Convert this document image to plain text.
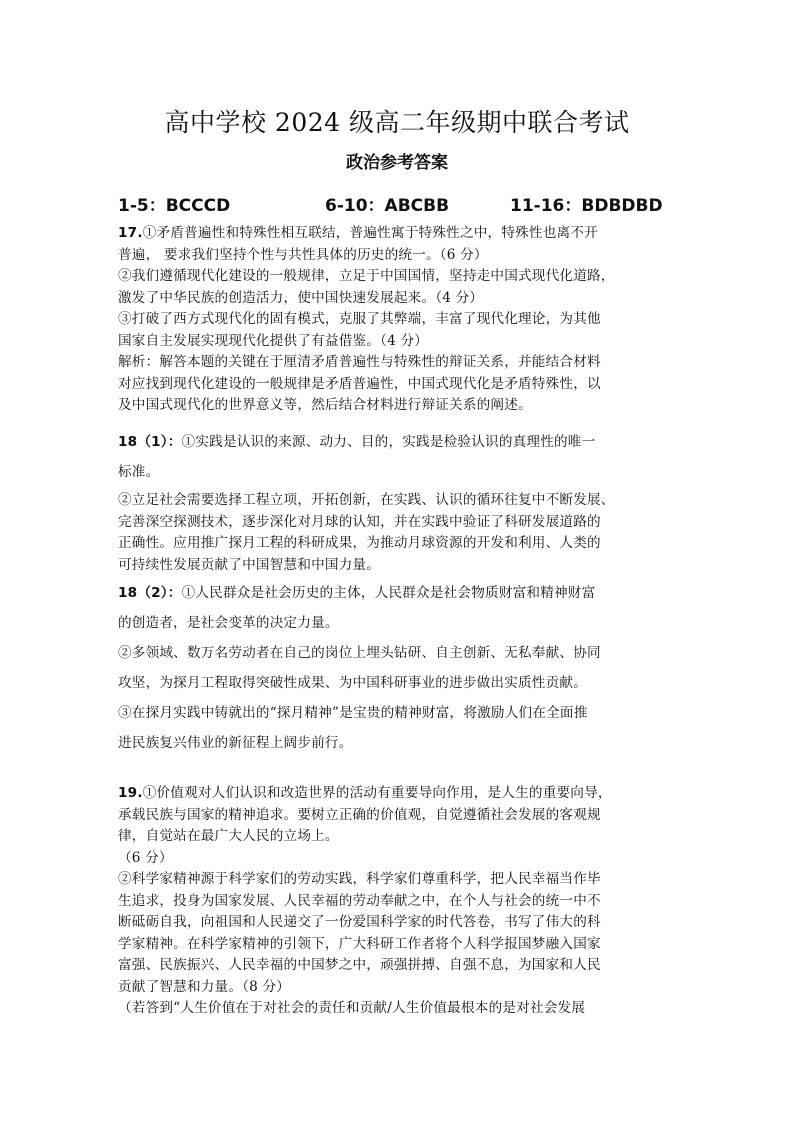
高中学校 2024 级高二年级期中联合考试
政治参考答案
1-5：BCCCD	6-10：ABCBB	11-16：BDBDBD
17.①矛盾普遍性和特殊性相互联结，普遍性寓于特殊性之中，特殊性也离不开
普遍， 要求我们坚持个性与共性具体的历史的统一。（6 分）
②我们遵循现代化建设的一般规律，立足于中国国情，坚持走中国式现代化道路，
激发了中华民族的创造活力，使中国快速发展起来。（4 分）
③打破了西方式现代化的固有模式，克服了其弊端，丰富了现代化理论，为其他
国家自主发展实现现代化提供了有益借鉴。（4 分）
解析：解答本题的关键在于厘清矛盾普遍性与特殊性的辩证关系，并能结合材料
对应找到现代化建设的一般规律是矛盾普遍性，中国式现代化是矛盾特殊性，以
及中国式现代化的世界意义等，然后结合材料进行辩证关系的阐述。
18（1）：①实践是认识的来源、动力、目的，实践是检验认识的真理性的唯一
标准。
②立足社会需要选择工程立项，开拓创新，在实践、认识的循环往复中不断发展、
完善深空探测技术，逐步深化对月球的认知，并在实践中验证了科研发展道路的
正确性。应用推广探月工程的科研成果，为推动月球资源的开发和利用、人类的
可持续性发展贡献了中国智慧和中国力量。
18（2）：①人民群众是社会历史的主体，人民群众是社会物质财富和精神财富
的创造者，是社会变革的决定力量。
②多领域、数万名劳动者在自己的岗位上埋头钻研、自主创新、无私奉献、协同
攻坚，为探月工程取得突破性成果、为中国科研事业的进步做出实质性贡献。
③在探月实践中铸就出的“探月精神”是宝贵的精神财富，将激励人们在全面推
进民族复兴伟业的新征程上阔步前行。
19.①价值观对人们认识和改造世界的活动有重要导向作用，是人生的重要向导，
承载民族与国家的精神追求。要树立正确的价值观，自觉遵循社会发展的客观规
律，自觉站在最广大人民的立场上。
（6 分）
②科学家精神源于科学家们的劳动实践，科学家们尊重科学，把人民幸福当作毕
生追求，投身为国家发展、人民幸福的劳动奉献之中，在个人与社会的统一中不
断砥砺自我，向祖国和人民递交了一份爱国科学家的时代答卷，书写了伟大的科
学家精神。在科学家精神的引领下，广大科研工作者将个人科学报国梦融入国家
富强、民族振兴、人民幸福的中国梦之中，顽强拼搏、自强不息，为国家和人民
贡献了智慧和力量。（8 分）
（若答到“人生价值在于对社会的责任和贡献/人生价值最根本的是对社会发展
